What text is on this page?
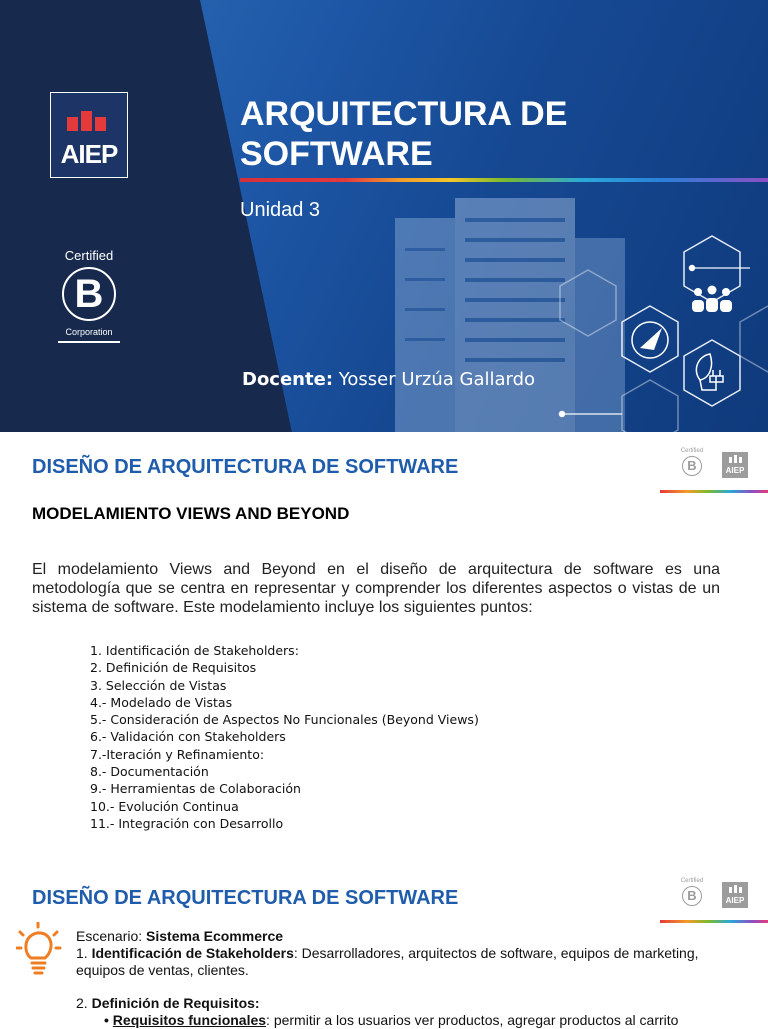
AIEP
Certified
B
Corporation
ARQUITECTURA DE
SOFTWARE
Unidad 3
Docente: Yosser Urzúa Gallardo
DISEÑO DE ARQUITECTURA DE SOFTWARE
Certified
B	AIEP
MODELAMIENTO VIEWS AND BEYOND

El modelamiento Views and Beyond en el diseño de arquitectura de software es una metodología que se centra en representar y comprender los diferentes aspectos o vistas de un sistema de software. Este modelamiento incluye los siguientes puntos:

1. Identificación de Stakeholders:
2. Definición de Requisitos
3. Selección de Vistas
4.- Modelado de Vistas
5.- Consideración de Aspectos No Funcionales (Beyond Views)
6.- Validación con Stakeholders
7.-Iteración y Refinamiento:
8.- Documentación
9.- Herramientas de Colaboración
10.- Evolución Continua
11.- Integración con Desarrollo
DISEÑO DE ARQUITECTURA DE SOFTWARE
Certified
B	AIEP

Escenario: Sistema Ecommerce

1. Identificación de Stakeholders: Desarrolladores, arquitectos de software, equipos de marketing, equipos de ventas, clientes.

2. Definición de Requisitos:

• Requisitos funcionales: permitir a los usuarios ver productos, agregar productos al carrito
